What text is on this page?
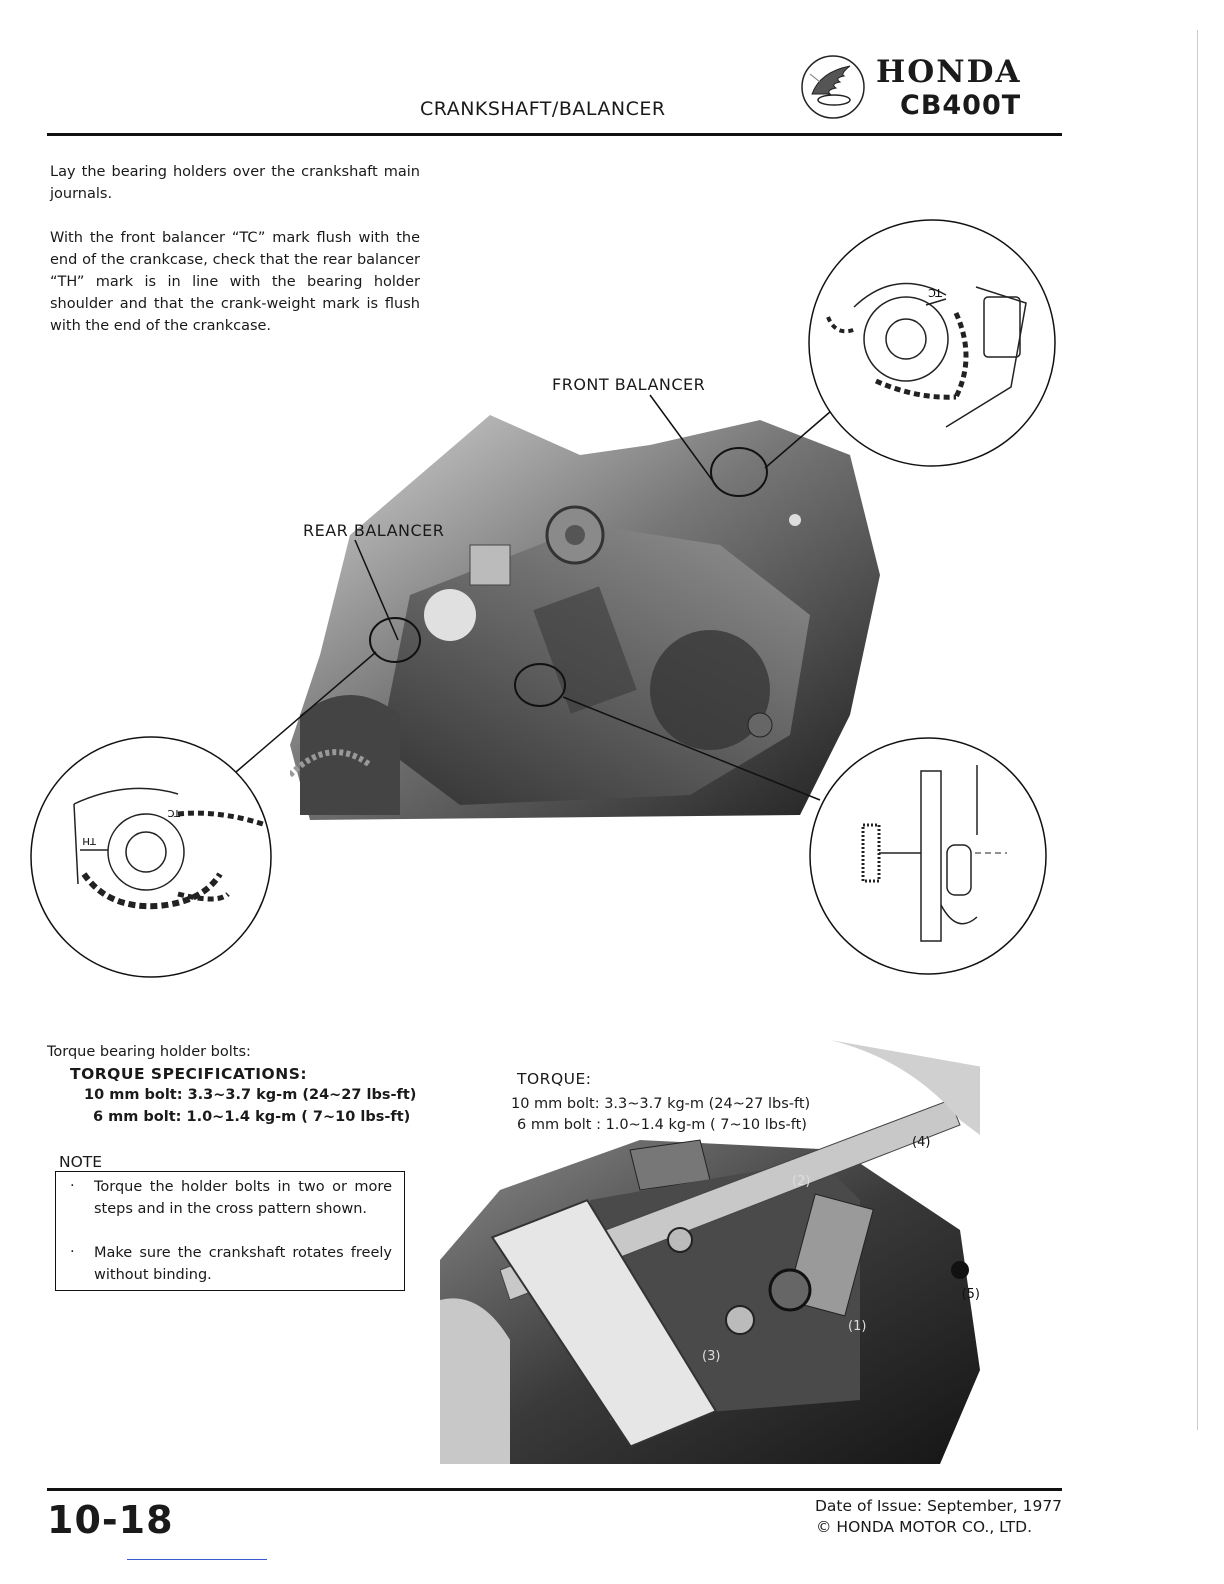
CRANKSHAFT/BALANCER
HONDA
CB400T
Lay the bearing holders over the crankshaft main journals.
With the front balancer “TC” mark flush with the end of the crankcase, check that the rear balancer “TH” mark is in line with the bearing holder shoulder and that the crank-weight mark is flush with the end of the crankcase.
FRONT BALANCER
REAR BALANCER
TC
TH
TC
Torque bearing holder bolts:
TORQUE SPECIFICATIONS:
10 mm bolt: 3.3~3.7 kg-m (24~27 lbs-ft)
6 mm bolt: 1.0~1.4 kg-m ( 7~10 lbs-ft)
NOTE
. Torque the holder bolts in two or more steps and in the cross pattern shown.
. Make sure the crankshaft rotates freely without binding.
(2)
(1)
(3)
(4)
(5)
TORQUE:
10 mm bolt: 3.3~3.7 kg-m (24~27 lbs-ft)
6 mm bolt : 1.0~1.4 kg-m ( 7~10 lbs-ft)
10-18	Date of Issue: September, 1977
© HONDA MOTOR CO., LTD.
